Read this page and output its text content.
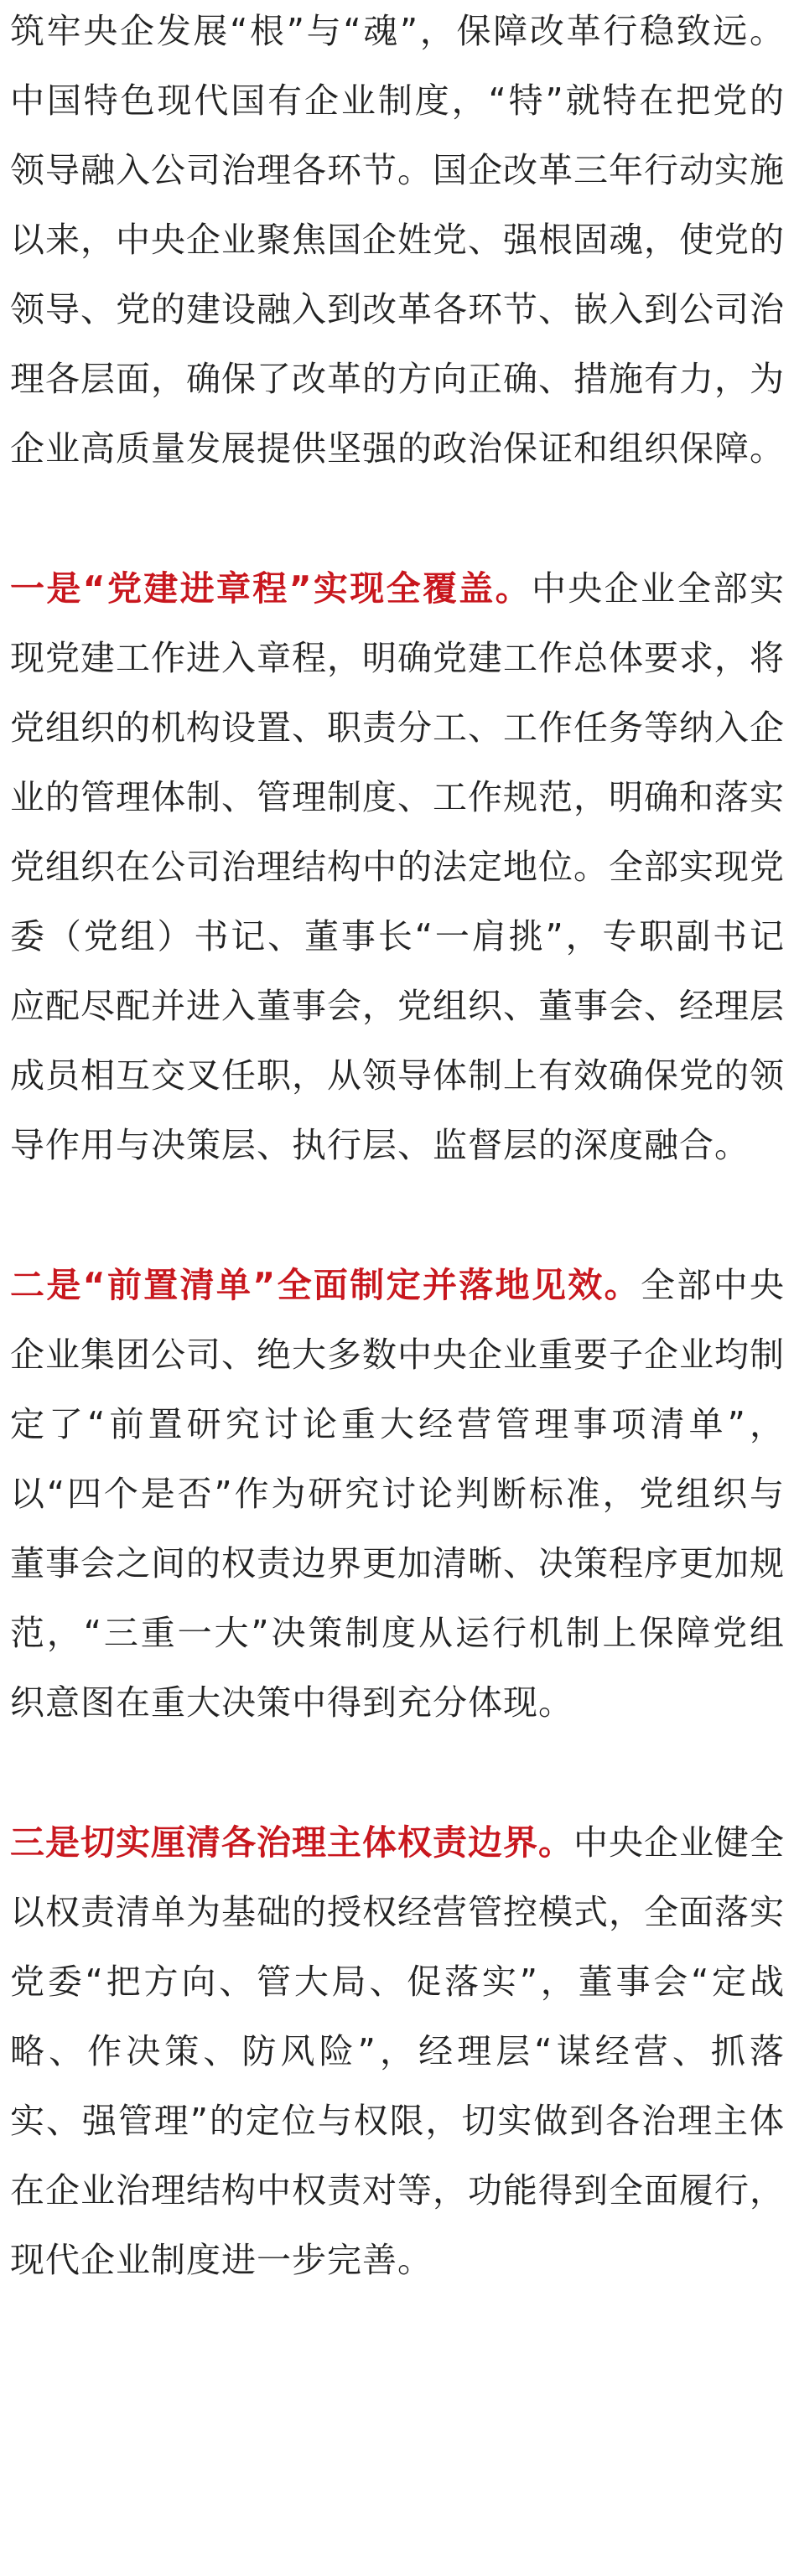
筑牢央企发展“根”与“魂”，保障改革行稳致远。中国特色现代国有企业制度，“特”就特在把党的领导融入公司治理各环节。国企改革三年行动实施以来，中央企业聚焦国企姓党、强根固魂，使党的领导、党的建设融入到改革各环节、嵌入到公司治理各层面，确保了改革的方向正确、措施有力，为企业高质量发展提供坚强的政治保证和组织保障。

一是“党建进章程”实现全覆盖。中央企业全部实现党建工作进入章程，明确党建工作总体要求，将党组织的机构设置、职责分工、工作任务等纳入企业的管理体制、管理制度、工作规范，明确和落实党组织在公司治理结构中的法定地位。全部实现党委（党组）书记、董事长“一肩挑”，专职副书记应配尽配并进入董事会，党组织、董事会、经理层成员相互交叉任职，从领导体制上有效确保党的领导作用与决策层、执行层、监督层的深度融合。

二是“前置清单”全面制定并落地见效。全部中央企业集团公司、绝大多数中央企业重要子企业均制定了“前置研究讨论重大经营管理事项清单”，以“四个是否”作为研究讨论判断标准，党组织与董事会之间的权责边界更加清晰、决策程序更加规范，“三重一大”决策制度从运行机制上保障党组织意图在重大决策中得到充分体现。

三是切实厘清各治理主体权责边界。中央企业健全以权责清单为基础的授权经营管控模式，全面落实党委“把方向、管大局、促落实”，董事会“定战略、作决策、防风险”，经理层“谋经营、抓落实、强管理”的定位与权限，切实做到各治理主体在企业治理结构中权责对等，功能得到全面履行，现代企业制度进一步完善。
